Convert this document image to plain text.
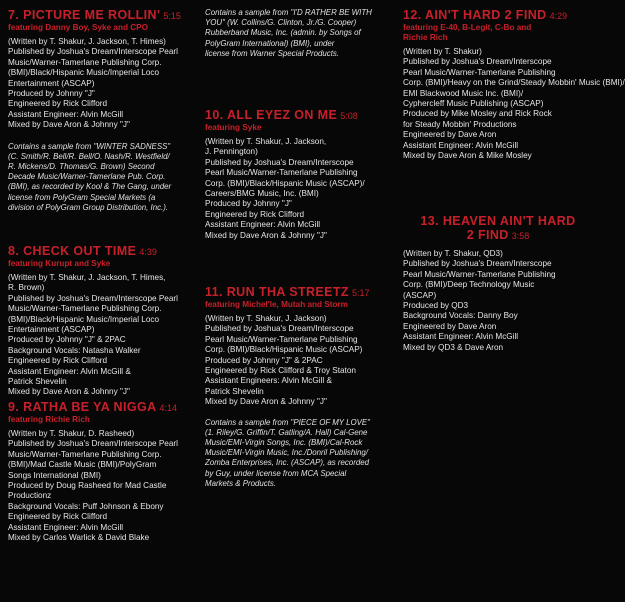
7. PICTURE ME ROLLIN' 5:15
featuring Danny Boy, Syke and CPO
(Written by T. Shakur, J. Jackson, T. Himes)
Published by Joshua's Dream/Interscope Pearl
Music/Warner-Tamerlane Publishing Corp.
(BMI)/Black/Hispanic Music/Imperial Loco
Entertainment (ASCAP)
Produced by Johnny "J"
Engineered by Rick Clifford
Assistant Engineer: Alvin McGill
Mixed by Dave Aron & Johnny "J"
Contains a sample from "WINTER SADNESS"
(C. Smith/R. Bell/R. Bell/O. Nash/R. Westfield/
R. Mickens/D. Thomas/G. Brown) Second
Decade Music/Warner-Tamerlane Pub. Corp.
(BMI), as recorded by Kool & The Gang, under
license from PolyGram Special Markets (a
division of PolyGram Group Distribution, Inc.).
8. CHECK OUT TIME 4:39
featuring Kurupt and Syke
(Written by T. Shakur, J. Jackson, T. Himes,
R. Brown)
Published by Joshua's Dream/Interscope Pearl
Music/Warner-Tamerlane Publishing Corp.
(BMI)/Black/Hispanic Music/Imperial Loco
Entertainment (ASCAP)
Produced by Johnny "J" & 2PAC
Background Vocals: Natasha Walker
Engineered by Rick Clifford
Assistant Engineer: Alvin McGill &
Patrick Shevelin
Mixed by Dave Aron & Johnny "J"
9. RATHA BE YA NIGGA 4:14
featuring Richie Rich
(Written by T. Shakur, D. Rasheed)
Published by Joshua's Dream/Interscope Pearl
Music/Warner-Tamerlane Publishing Corp.
(BMI)/Mad Castle Music (BMI)/PolyGram
Songs International (BMI)
Produced by Doug Rasheed for Mad Castle
Productionz
Background Vocals: Puff Johnson & Ebony
Engineered by Rick Clifford
Assistant Engineer: Alvin McGill
Mixed by Carlos Warlick & David Blake
Contains a sample from "I'D RATHER BE WITH
YOU" (W. Collins/G. Clinton, Jr./G. Cooper)
Rubberband Music, Inc. (admin. by Songs of
PolyGram International) (BMI), under
license from Warner Special Products.
10. ALL EYEZ ON ME 5:08
featuring Syke
(Written by T. Shakur, J. Jackson,
J. Pennington)
Published by Joshua's Dream/Interscope
Pearl Music/Warner-Tamerlane Publishing
Corp. (BMI)/Black/Hispanic Music (ASCAP)/
Careers/BMG Music, Inc. (BMI)
Produced by Johnny "J"
Engineered by Rick Clifford
Assistant Engineer: Alvin McGill
Mixed by Dave Aron & Johnny "J"
11. RUN THA STREETZ 5:17
featuring Michel'le, Mutah and Storm
(Written by T. Shakur, J. Jackson)
Published by Joshua's Dream/Interscope
Pearl Music/Warner-Tamerlane Publishing
Corp. (BMI)/Black/Hispanic Music (ASCAP)
Produced by Johnny "J" & 2PAC
Engineered by Rick Clifford & Troy Staton
Assistant Engineers: Alvin McGill &
Patrick Shevelin
Mixed by Dave Aron & Johnny "J"
Contains a sample from "PIECE OF MY LOVE"
(1. Riley/G. Griffin/T. Gatling/A. Hall) Cal-Gene
Music/EMI-Virgin Songs, Inc. (BMI)/Cal-Rock
Music/EMI-Virgin Music, Inc./Donril Publishing/
Zomba Enterprises, Inc. (ASCAP), as recorded
by Guy, under license from MCA Special
Markets & Products.
12. AIN'T HARD 2 FIND 4:29
featuring E-40, B-Legit, C-Bo and
Richie Rich
(Written by T. Shakur)
Published by Joshua's Dream/Interscope
Pearl Music/Warner-Tamerlane Publishing
Corp. (BMI)/Heavy on the Grind/Steady Mobbin' Music (BMI)/
EMI Blackwood Music Inc. (BMI)/
Cyphercleff Music Publishing (ASCAP)
Produced by Mike Mosley and Rick Rock
for Steady Mobbin' Productions
Engineered by Dave Aron
Assistant Engineer: Alvin McGill
Mixed by Dave Aron & Mike Mosley
13. HEAVEN AIN'T HARD
2 FIND 3:58
(Written by T. Shakur, QD3)
Published by Joshua's Dream/Interscope
Pearl Music/Warner-Tamerlane Publishing
Corp. (BMI)/Deep Technology Music
(ASCAP)
Produced by QD3
Background Vocals: Danny Boy
Engineered by Dave Aron
Assistant Engineer: Alvin McGill
Mixed by QD3 & Dave Aron
